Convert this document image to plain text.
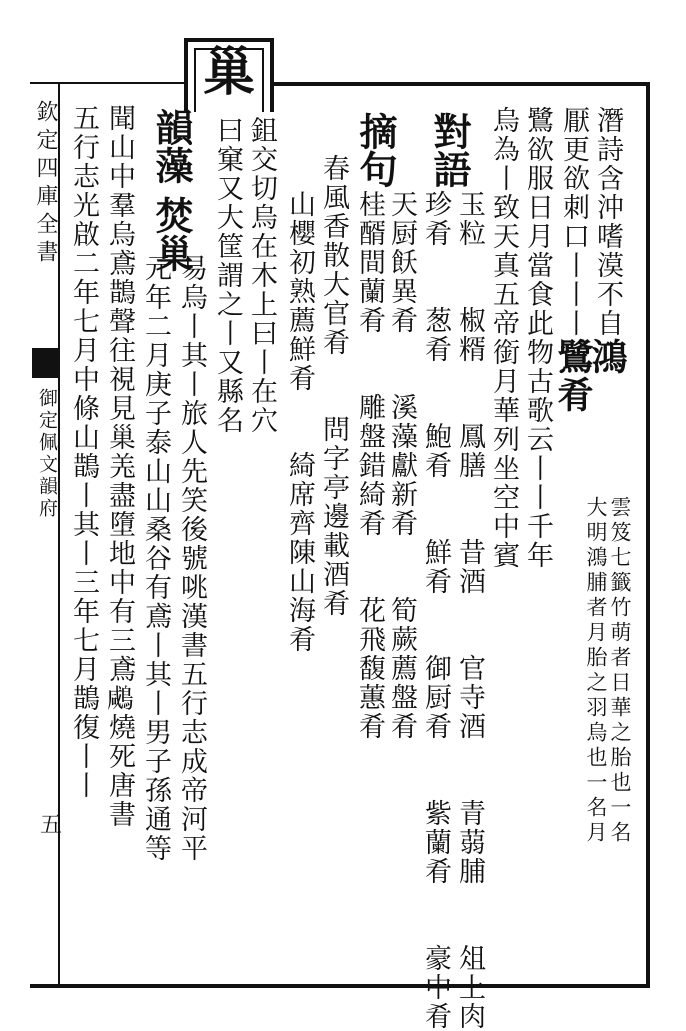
巢
欽定四庫全書
御定佩文韻府
五
潛詩含沖嗜漠不自鴻
雲笈七籤竹萌者日華之胎也一名
大明鴻脯者月胎之羽烏也一名月
厭更欲刺口丨丨丨鷺肴
鷺欲服日月當食此物古歌云丨丨千年
烏為丨致天真五帝銜月華列坐空中賓
對語
玉粒　　椒糈　　鳳膳　　昔酒　　官寺酒　　青蒻脯　　俎上肉
珍肴　　葱肴　　鮑肴　　鮮肴　　御厨肴　　紫蘭肴　　豪中肴
摘句
天厨飫異肴　　溪藻獻新肴　　筍蕨薦盤肴
桂醑間蘭肴　　雕盤錯綺肴　　花飛馥蕙肴
春風香散大官肴　　問字亭邊載酒肴
山櫻初熟薦鮮肴　　綺席齊陳山海肴
鉏交切烏在木上曰丨在穴
曰窠又大筐謂之丨又縣名
韻藻
焚巢
易烏丨其丨旅人先笑後號咷漢書五行志成帝河平
元年二月庚子泰山山桑谷有鳶丨其丨男子孫通等
聞山中羣烏鳶鵲聲往視見巢𦍑盡墮地中有三鳶𪂶燒死唐書
五行志光啟二年七月中條山鵲丨其丨三年七月鵲復丨丨
